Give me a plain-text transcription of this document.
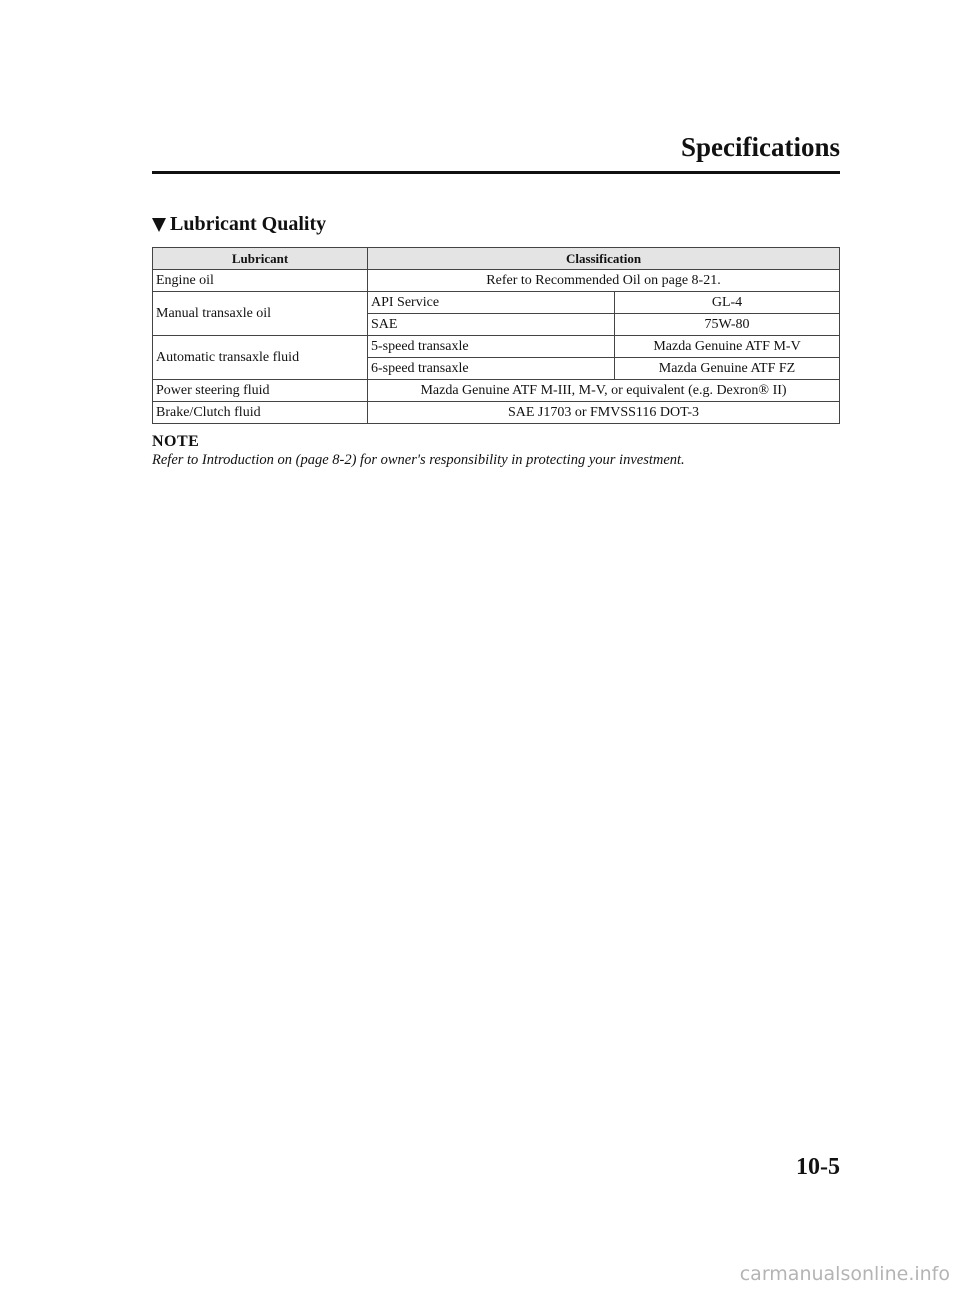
Specifications
Lubricant Quality
Lubricant	Classification	
Engine oil	Refer to Recommended Oil on page 8-21.	
Manual transaxle oil	API Service	GL-4
	SAE	75W-80
Automatic transaxle fluid	5-speed transaxle	Mazda Genuine ATF M-V
	6-speed transaxle	Mazda Genuine ATF FZ
Power steering fluid	Mazda Genuine ATF M-III, M-V, or equivalent (e.g. Dexron® II)	
Brake/Clutch fluid	SAE J1703 or FMVSS116 DOT-3	
NOTE
Refer to Introduction on (page 8-2) for owner's responsibility in protecting your investment.
10-5
carmanualsonline.info
